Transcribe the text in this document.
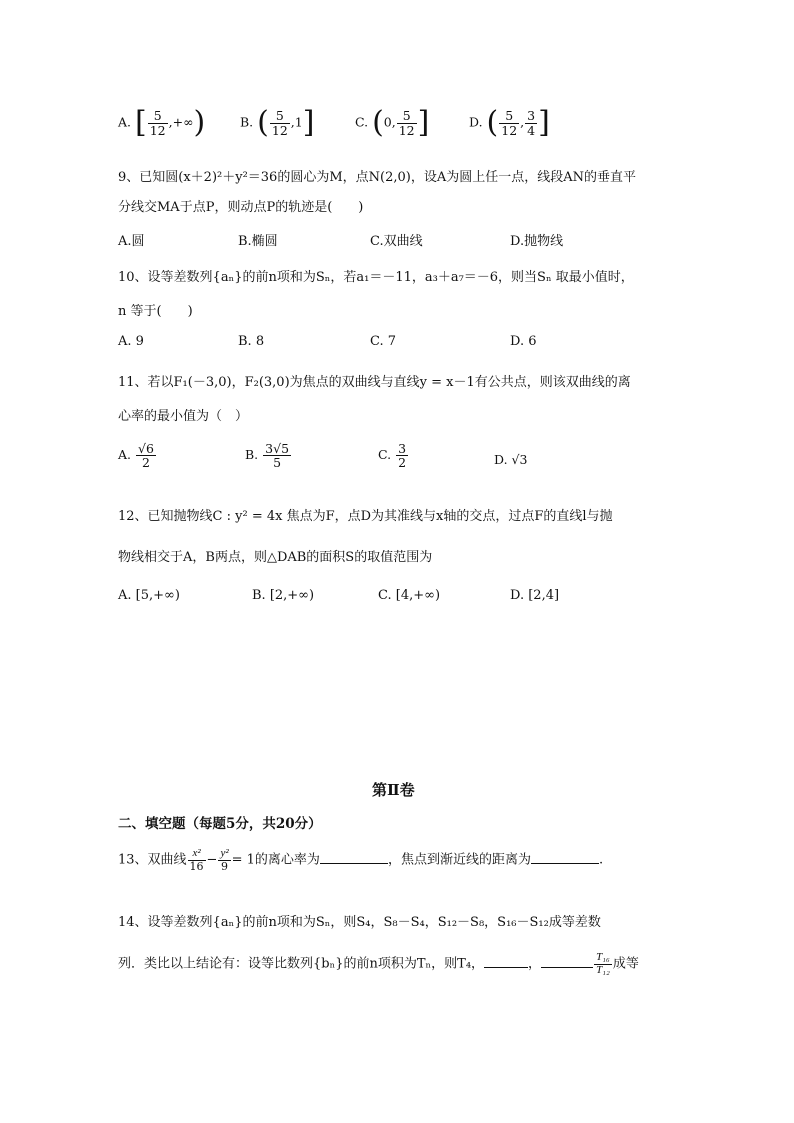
A. [ $\frac{5}{12}$ ,+∞)	B. ( $\frac{5}{12} ,1$]	C. (0, $\frac{5}{12}$ ]	D. ( $\frac{5}{12}$ , $\frac{3}{4}$ ]
9、已知圆(x＋2)²＋y²＝36的圆心为M，点N(2,0)，设A为圆上任一点，线段AN的垂直平
分线交MA于点P，则动点P的轨迹是(　　)
A.圆	B.椭圆	C.双曲线	D.抛物线
10、设等差数列{aₙ}的前n项和为Sₙ，若a₁＝－11，a₃＋a₇＝－6，则当Sₙ 取最小值时，
n 等于(　　)
A. 9	B. 8	C. 7	D. 6
11、若以F₁(－3,0)，F₂(3,0)为焦点的双曲线与直线y = x－1有公共点，则该双曲线的离
心率的最小值为（　）
A. $\frac{√6}{2}$	B. $\frac{3√5}{5}$	C. $\frac{3}{2}$	D. √3
12、已知抛物线C : y² = 4x 焦点为F，点D为其准线与x轴的交点，过点F的直线l与抛
物线相交于A，B两点，则△DAB的面积S的取值范围为
A. [5,+∞)	B. [2,+∞)	C. [4,+∞)	D. [2,4]
第Ⅱ卷
二、填空题（每题5分，共20分）
13、双曲线 $\frac{\text{x²}}{16} - \frac{\text{y²}}{9} = 1$的离心率为	，焦点到渐近线的距离为	.
14、设等差数列{aₙ}的前n项和为Sₙ，则S₄，S₈－S₄，S₁₂－S₈，S₁₆－S₁₂成等差数
列．类比以上结论有：设等比数列{bₙ}的前n项积为Tₙ，则T₄，	，	$\frac{\text{T₁₆}}{\text{T₁₂}}$ 成等
